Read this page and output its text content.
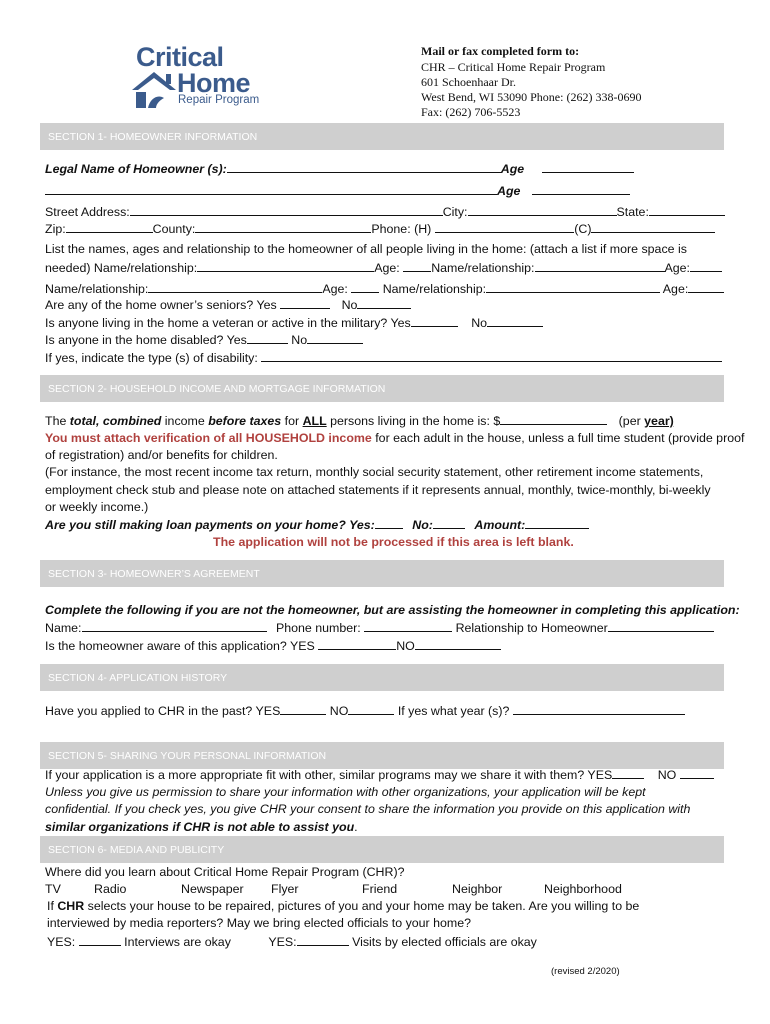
Critical
Home
Repair Program
Mail or fax completed form to:
CHR – Critical Home Repair Program
601 Schoenhaar Dr.
West Bend, WI 53090 Phone: (262) 338-0690
Fax: (262) 706-5523
SECTION 1- HOMEOWNER INFORMATION
Legal Name of Homeowner (s):	Age
Age
Street Address:	City:	State:
Zip:	County:	Phone: (H)	(C)
List the names, ages and relationship to the homeowner of all people living in the home: (attach a list if more space is
needed) Name/relationship:	Age:	Name/relationship:	Age:
Name/relationship:	Age:	Name/relationship:	Age:
Are any of the home owner’s seniors? Yes	No
Is anyone living in the home a veteran or active in the military? Yes	No
Is anyone in the home disabled? Yes	No
If yes, indicate the type (s) of disability:
SECTION 2- HOUSEHOLD INCOME AND MORTGAGE INFORMATION
The total, combined income before taxes for ALL persons living in the home is: $	(per year)
You must attach verification of all HOUSEHOLD income for each adult in the house, unless a full time student (provide proof
of registration) and/or benefits for children.
(For instance, the most recent income tax return, monthly social security statement, other retirement income statements,
employment check stub and please note on attached statements if it represents annual, monthly, twice-monthly, bi-weekly
or weekly income.)
Are you still making loan payments on your home? Yes:	No:	Amount:
The application will not be processed if this area is left blank.
SECTION 3- HOMEOWNER’S AGREEMENT
Complete the following if you are not the homeowner, but are assisting the homeowner in completing this application:
Name:	Phone number:	Relationship to Homeowner
Is the homeowner aware of this application? YES	NO
SECTION 4- APPLICATION HISTORY
Have you applied to CHR in the past? YES	NO	If yes what year (s)?
SECTION 5- SHARING YOUR PERSONAL INFORMATION
If your application is a more appropriate fit with other, similar programs may we share it with them? YES	NO
Unless you give us permission to share your information with other organizations, your application will be kept
confidential. If you check yes, you give CHR your consent to share the information you provide on this application with
similar organizations if CHR is not able to assist you.
SECTION 6- MEDIA AND PUBLICITY
Where did you learn about Critical Home Repair Program (CHR)?
TV	Radio	Newspaper Flyer	Friend	Neighbor	Neighborhood
If CHR selects your house to be repaired, pictures of you and your home may be taken. Are you willing to be
interviewed by media reporters? May we bring elected officials to your home?
YES:	Interviews are okay	YES:	Visits by elected officials are okay
(revised 2/2020)
